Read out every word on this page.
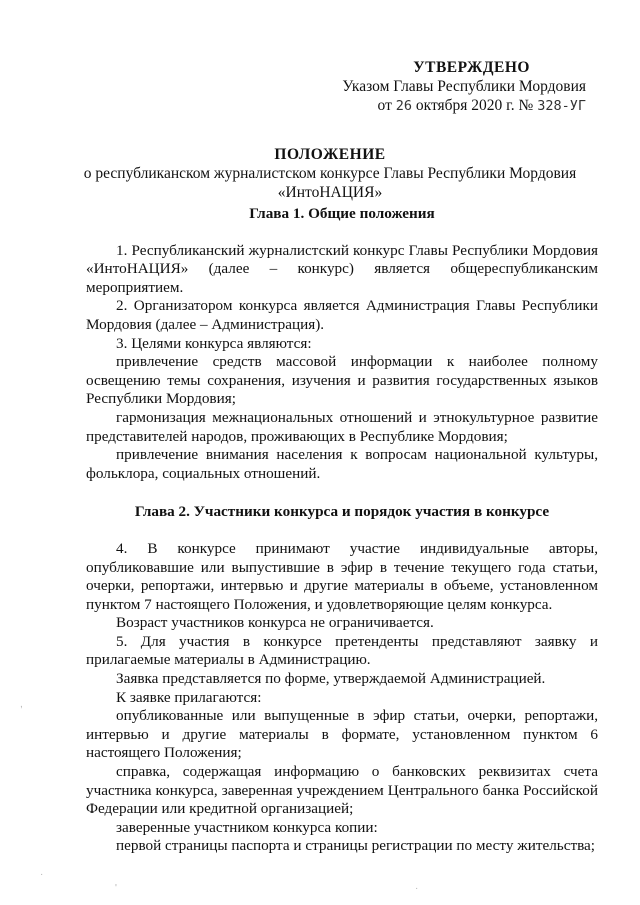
УТВЕРЖДЕНО
Указом Главы Республики Мордовия
от 26 октября 2020 г. № 328-УГ
ПОЛОЖЕНИЕ
о республиканском журналистском конкурсе Главы Республики Мордовия
«ИнтоНАЦИЯ»
Глава 1. Общие положения

1. Республиканский журналистский конкурс Главы Республики Мордовия «ИнтоНАЦИЯ» (далее – конкурс) является общереспубликанским мероприятием.

2. Организатором конкурса является Администрация Главы Республики Мордовия (далее – Администрация).

3. Целями конкурса являются:

привлечение средств массовой информации к наиболее полному освещению темы сохранения, изучения и развития государственных языков Республики Мордовия;

гармонизация межнациональных отношений и этнокультурное развитие представителей народов, проживающих в Республике Мордовия;

привлечение внимания населения к вопросам национальной культуры, фольклора, социальных отношений.

Глава 2. Участники конкурса и порядок участия в конкурсе

4. В конкурсе принимают участие индивидуальные авторы, опубликовавшие или выпустившие в эфир в течение текущего года статьи, очерки, репортажи, интервью и другие материалы в объеме, установленном пунктом 7 настоящего Положения, и удовлетворяющие целям конкурса.

Возраст участников конкурса не ограничивается.

5. Для участия в конкурсе претенденты представляют заявку и прилагаемые материалы в Администрацию.

Заявка представляется по форме, утверждаемой Администрацией.

К заявке прилагаются:

опубликованные или выпущенные в эфир статьи, очерки, репортажи, интервью и другие материалы в формате, установленном пунктом 6 настоящего Положения;

справка, содержащая информацию о банковских реквизитах счета участника конкурса, заверенная учреждением Центрального банка Российской Федерации или кредитной организацией;

заверенные участником конкурса копии:

первой страницы паспорта и страницы регистрации по месту жительства;

,
·
'	·
